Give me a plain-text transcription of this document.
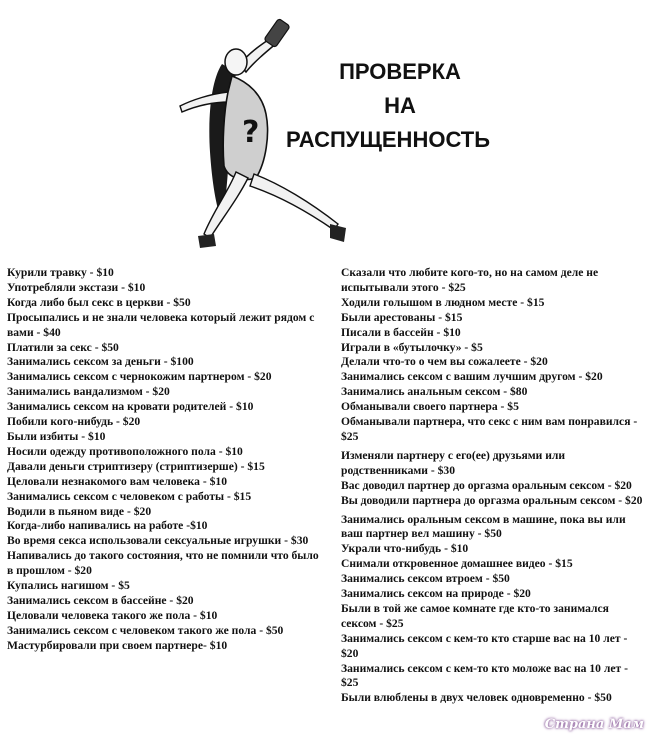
?
ПРОВЕРКА
НА
РАСПУЩЕННОСТЬ

Курили травку - $10

Употребляли экстази - $10

Когда либо был секс в церкви - $50

Просыпались и не знали человека который лежит рядом с вами - $40

Платили за секс - $50

Занимались сексом за деньги - $100

Занимались сексом с чернокожим партнером - $20

Занимались вандализмом - $20

Занимались сексом на кровати родителей - $10

Побили кого-нибудь - $20

Были избиты - $10

Носили одежду противоположного пола - $10

Давали деньги стриптизеру (стриптизерше) - $15

Целовали незнакомого вам человека - $10

Занимались сексом с человеком с работы - $15

Водили в пьяном виде - $20

Когда-либо напивались на работе -$10

Во время секса использовали сексуальные игрушки - $30

Напивались до такого состояния, что не помнили что было в прошлом - $20

Купались нагишом - $5

Занимались сексом в бассейне - $20

Целовали человека такого же пола - $10

Занимались сексом с человеком такого же пола - $50

Мастурбировали при своем партнере- $10

Сказали что любите кого-то, но на самом деле не испытывали этого - $25

Ходили голышом в людном месте - $15

Были арестованы - $15

Писали в бассейн - $10

Играли в «бутылочку» - $5

Делали что-то о чем вы сожалеете - $20

Занимались сексом с вашим лучшим другом - $20

Занимались анальным сексом - $80

Обманывали своего партнера - $5

Обманывали партнера, что секс с ним вам понравился - $25

Изменяли партнеру с его(ее) друзьями или родственниками - $30

Вас доводил партнер до оргазма оральным сексом - $20

Вы доводили партнера до оргазма оральным сексом - $20

Занимались оральным сексом в машине, пока вы или ваш партнер вел машину - $50

Украли что-нибудь - $10

Снимали откровенное домашнее видео - $15

Занимались сексом втроем - $50

Занимались сексом на природе - $20

Были в той же самое комнате где кто-то занимался сексом - $25

Занимались сексом с кем-то кто старше вас на 10 лет - $20

Занимались сексом с кем-то кто моложе вас на 10 лет - $25

Были влюблены в двух человек одновременно - $50

Страна Мам
